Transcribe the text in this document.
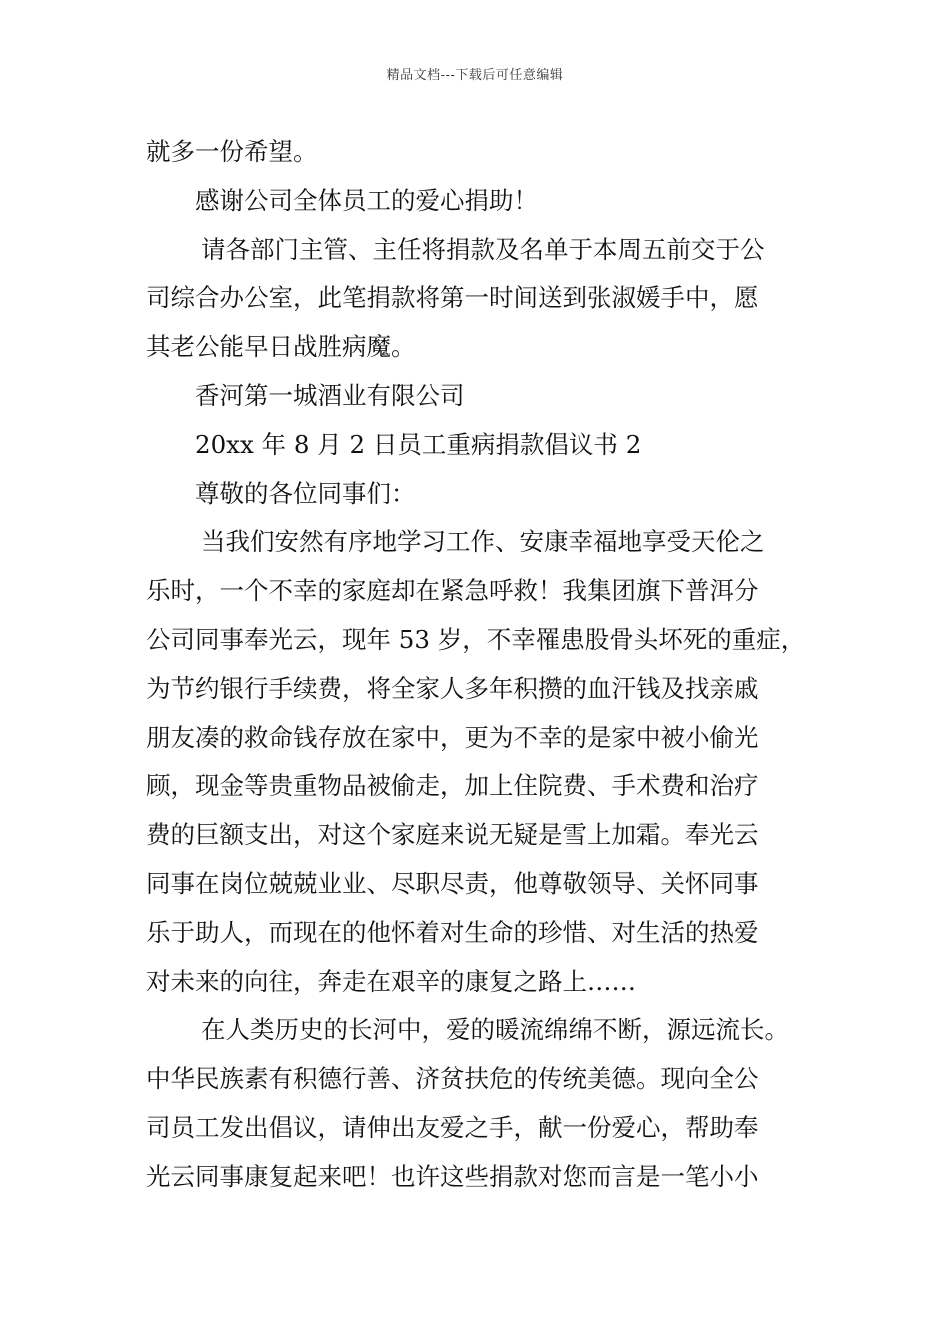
精品文档---下载后可任意编辑
就多一份希望。
感谢公司全体员工的爱心捐助！
请各部门主管、主任将捐款及名单于本周五前交于公
司综合办公室，此笔捐款将第一时间送到张淑媛手中，愿
其老公能早日战胜病魔。
香河第一城酒业有限公司
20xx 年 8 月 2 日员工重病捐款倡议书 2
尊敬的各位同事们：
当我们安然有序地学习工作、安康幸福地享受天伦之
乐时，一个不幸的家庭却在紧急呼救！我集团旗下普洱分
公司同事奉光云，现年 53 岁，不幸罹患股骨头坏死的重症，
为节约银行手续费，将全家人多年积攒的血汗钱及找亲戚
朋友凑的救命钱存放在家中，更为不幸的是家中被小偷光
顾，现金等贵重物品被偷走，加上住院费、手术费和治疗
费的巨额支出，对这个家庭来说无疑是雪上加霜。奉光云
同事在岗位兢兢业业、尽职尽责，他尊敬领导、关怀同事
乐于助人，而现在的他怀着对生命的珍惜、对生活的热爱
对未来的向往，奔走在艰辛的康复之路上……
在人类历史的长河中，爱的暖流绵绵不断，源远流长。
中华民族素有积德行善、济贫扶危的传统美德。现向全公
司员工发出倡议，请伸出友爱之手，献一份爱心，帮助奉
光云同事康复起来吧！也许这些捐款对您而言是一笔小小
